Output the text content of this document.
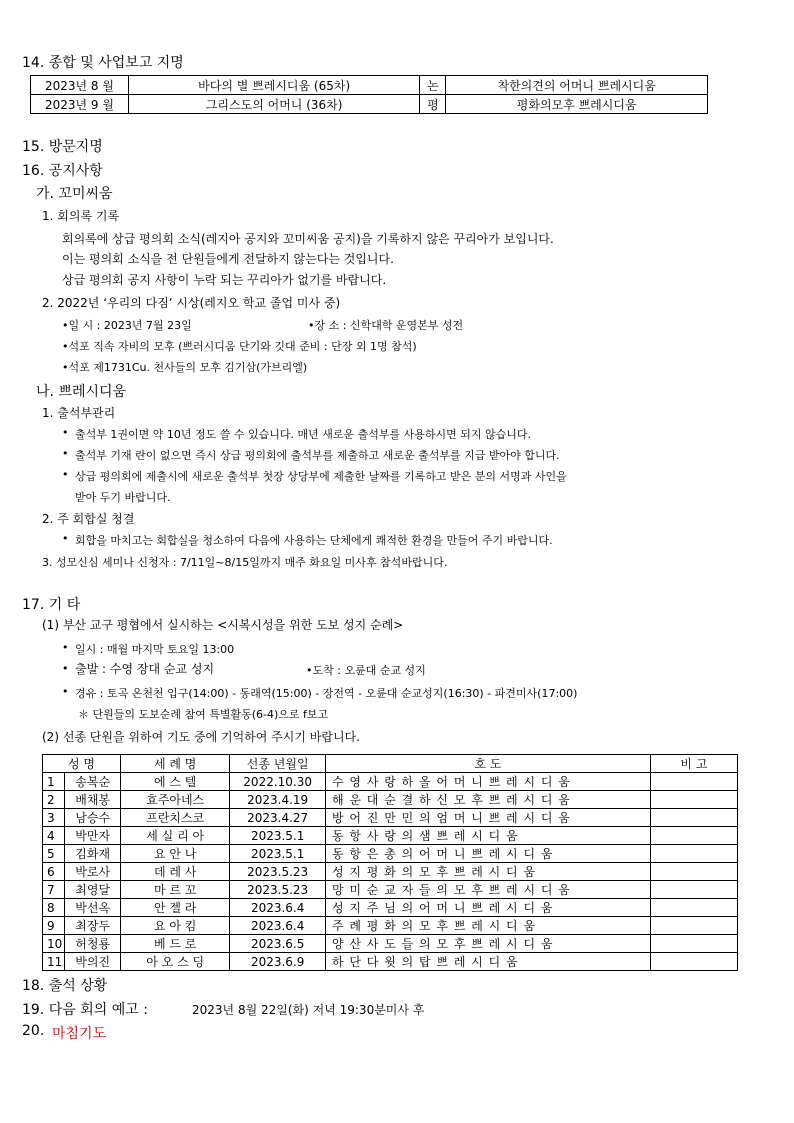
14. 종합 및 사업보고 지명
2023년 8 월	바다의 별 쁘레시디움 (65차)	논	착한의견의 어머니 쁘레시디움
2023년 9 월	그리스도의 어머니 (36차)	평	평화의모후 쁘레시디움
15. 방문지명
16. 공지사항
가. 꼬미씨움
1. 회의록 기록
회의록에 상급 평의회 소식(레지아 공지와 꼬미씨움 공지)을 기록하지 않은 꾸리아가 보입니다.
이는 평의회 소식을 전 단원들에게 전달하지 않는다는 것입니다.
상급 평의회 공지 사항이 누락 되는 꾸리아가 없기를 바랍니다.
2. 2022년 ‘우리의 다짐’ 시상(레지오 학교 졸업 미사 중)
•일 시 : 2023년 7월 23일	•장 소 : 신학대학 운영본부 성전
•석포 직속 자비의 모후 (쁘러시디움 단기와 깃대 준비 : 단장 외 1명 참석)
•석포 제1731Cu. 천사들의 모후 김기삼(가브리엘)
나. 쁘레시디움
1. 출석부관리
• 출석부 1권이면 약 10년 정도 쓸 수 있습니다. 매년 새로운 출석부를 사용하시면 되지 않습니다.
• 출석부 기재 란이 없으면 즉시 상급 평의회에 출석부를 제출하고 새로운 출석부를 지급 받아야 합니다.
• 상급 평의회에 제출시에 새로운 출석부 첫장 상당부에 제출한 날짜를 기록하고 받은 분의 서명과 사인을
받아 두기 바랍니다.
2. 주 회합실 청결
• 회합을 마치고는 회합실을 청소하여 다음에 사용하는 단체에게 쾌적한 환경을 만들어 주기 바랍니다.
3. 성모신심 세미나 신청자 : 7/11일~8/15일까지 매주 화요일 미사후 참석바랍니다.
17. 기 타
(1) 부산 교구 평협에서 실시하는 <시복시성을 위한 도보 성지 순례>
• 일시 : 매월 마지막 토요일 13:00
• 출발 : 수영 장대 순교 성지	•도착 : 오륜대 순교 성지
• 경유 : 토곡 온천천 입구(14:00) - 동래역(15:00) - 장전역 - 오륜대 순교성지(16:30) - 파견미사(17:00)
＊ 단원들의 도보순례 참여 특별활동(6-4)으로 f보고
(2) 선종 단원을 위하여 기도 중에 기억하여 주시기 바랍니다.
성 명		세 례 명	선종 년월일	호 도	비 고
1	송복순	에 스 텔	2022.10.30	수 영 사 랑 하 올 어 머 니 쁘 레 시 디 움	
2	배채봉	효주아네스	2023.4.19	해 운 대 순 결 하 신 모 후 쁘 레 시 디 움	
3	남승수	프란치스코	2023.4.27	방 어 진 만 민 의 엄 머 니 쁘 레 시 디 움	
4	박만자	세 실 리 아	2023.5.1	동 항 사 랑 의 샘 쁘 레 시 디 움	
5	김화재	요 안 나	2023.5.1	동 항 은 총 의 어 머 니 쁘 레 시 디 움	
6	박로사	데 레 사	2023.5.23	성 지 평 화 의 모 후 쁘 레 시 디 움	
7	최영달	마 르 꼬	2023.5.23	망 미 순 교 자 들 의 모 후 쁘 레 시 디 움	
8	박선옥	안 젤 라	2023.6.4	성 지 주 님 의 어 머 니 쁘 레 시 디 움	
9	최장두	요 아 킴	2023.6.4	주 례 평 화 의 모 후 쁘 레 시 디 움	
10	허청룡	베 드 로	2023.6.5	양 산 사 도 들 의 모 후 쁘 레 시 디 움	
11	박의진	아 오 스 딩	2023.6.9	하 단 다 윗 의 탑 쁘 레 시 디 움	
18. 출석 상황
19. 다음 회의 예고 :	2023년 8월 22일(화) 저녁 19:30분미사 후
20. 마침기도
